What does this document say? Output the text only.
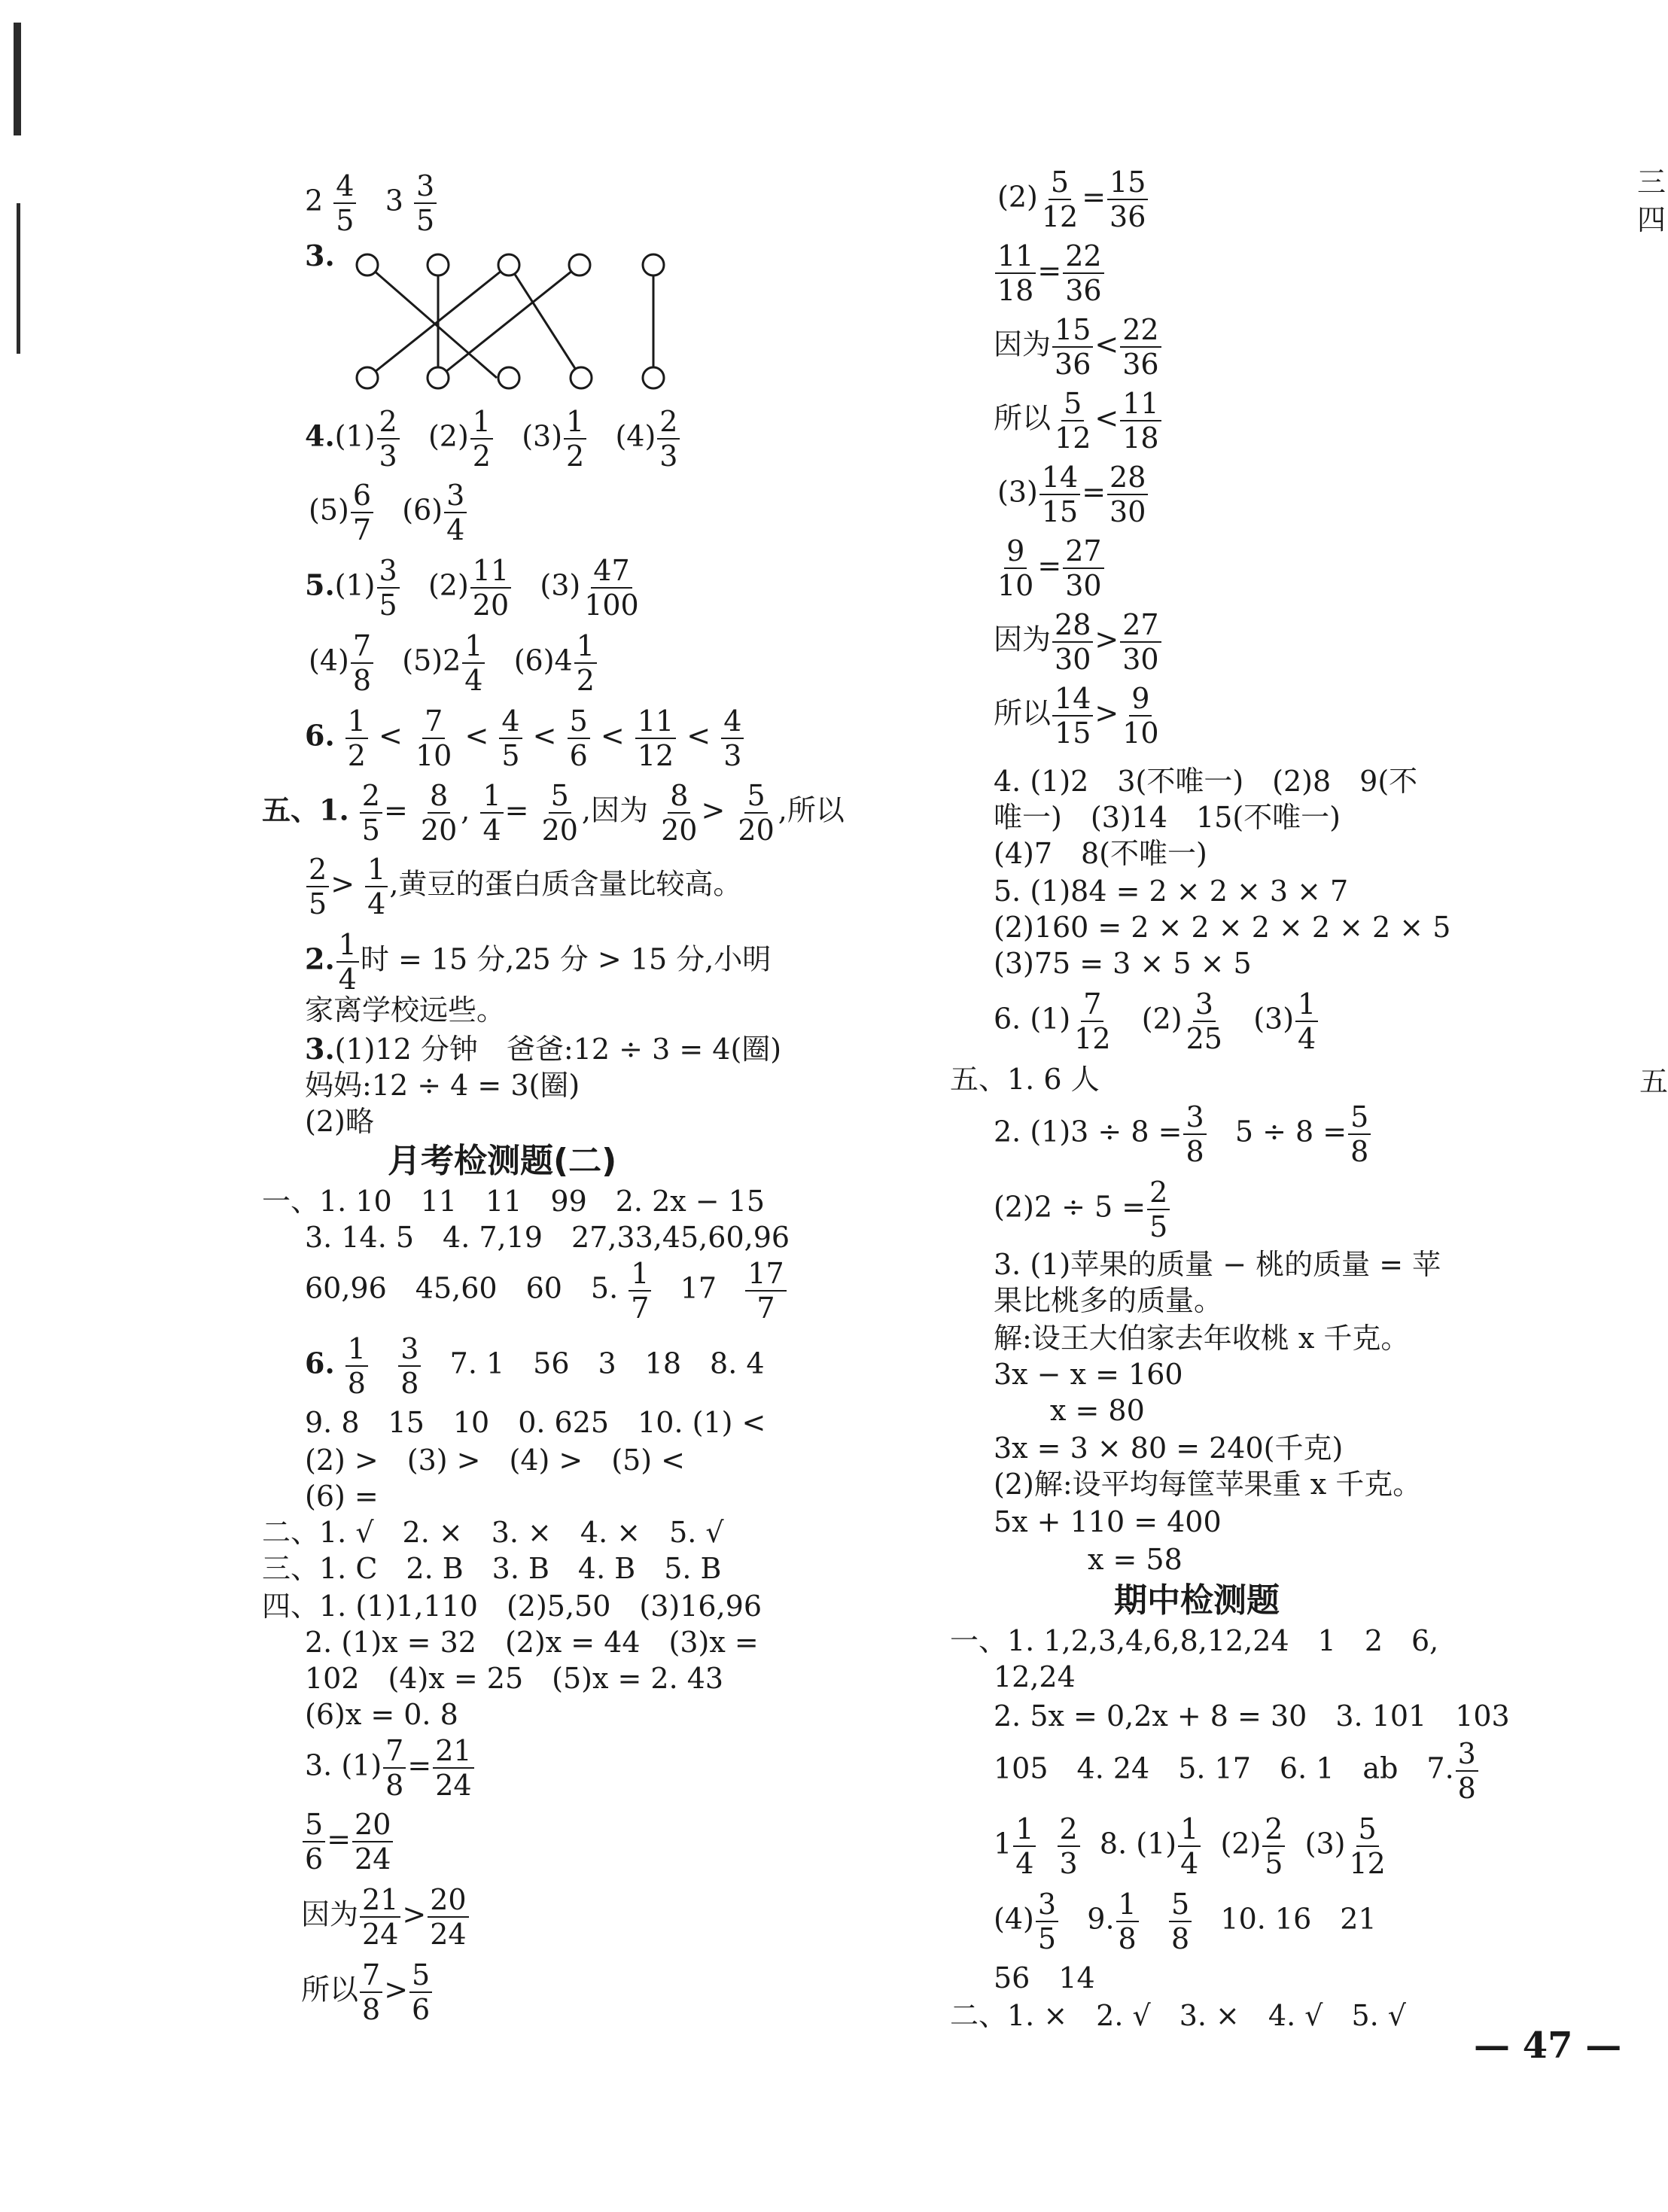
三
四
五
$2 \frac{4}{5} 3 \frac{3}{5}$
3.
$4.(1) \frac{2}{3} (2) \frac{1}{2} (3) \frac{1}{2} (4) \frac{2}{3}$
$(5) \frac{6}{7} (6) \frac{3}{4}$
$5.(1) \frac{3}{5} (2) \frac{11}{20} (3) \frac{47}{100}$
$(4) \frac{7}{8} (5)2 \frac{1}{4} (6)4 \frac{1}{2}$
6. $\frac{1}{2} < \frac{7}{10} < \frac{4}{5} < \frac{5}{6} < \frac{11}{12} < \frac{4}{3}$
五、1. $\frac{2}{5} = \frac{8}{20}$ , $\frac{1}{4} = \frac{5}{20}$ ,因为 $\frac{8}{20} > \frac{5}{20}$ ,所以
$\frac{2}{5} > \frac{1}{4}$ ,黄豆的蛋白质含量比较高。
2. $\frac{1}{4}$ 时 = 15 分,25 分 > 15 分,小明
家离学校远些。
3.(1)12 分钟　爸爸:12 ÷ 3 = 4(圈)
妈妈:12 ÷ 4 = 3(圈)
(2)略
月考检测题(二)
一、1. 10　11　11　99　2. 2x − 15
3. 14. 5　4. 7,19　27,33,45,60,96
60,96　45,60　60　5. $\frac{1}{7} 17 \frac{17}{7}$
6. $\frac{1}{8}$
$\frac{3}{8} 7$. 1　56　3　18　8. 4
9. 8　15　10　0. 625　10. (1) <
(2) >　(3) >　(4) >　(5) <
(6) =
二、1. √　2. ×　3. ×　4. ×　5. √
三、1. C　2. B　3. B　4. B　5. B
四、1. (1)1,110　(2)5,50　(3)16,96
2. (1)x = 32　(2)x = 44　(3)x =
102　(4)x = 25　(5)x = 2. 43
(6)x = 0. 8
3. $(1) \frac{7}{8} = \frac{21}{24}$
$\frac{5}{6} = \frac{20}{24}$
因为 $\frac{21}{24} > \frac{20}{24}$
所以 $\frac{7}{8} > \frac{5}{6}$
$(2) \frac{5}{12} = \frac{15}{36}$
$\frac{11}{18} = \frac{22}{36}$
因为 $\frac{15}{36} < \frac{22}{36}$
所以 $\frac{5}{12} < \frac{11}{18}$
$(3) \frac{14}{15} = \frac{28}{30}$
$\frac{9}{10} = \frac{27}{30}$
因为 $\frac{28}{30} > \frac{27}{30}$
所以 $\frac{14}{15} > \frac{9}{10}$
4. (1)2　3(不唯一)　(2)8　9(不
唯一)　(3)14　15(不唯一)
(4)7　8(不唯一)
5. (1)84 = 2 × 2 × 3 × 7
(2)160 = 2 × 2 × 2 × 2 × 2 × 5
(3)75 = 3 × 5 × 5
6. $(1) \frac{7}{12} (2) \frac{3}{25} (3) \frac{1}{4}$
五、1. 6 人
2. $(1)3 \div 8 = \frac{3}{8} 5 \div 8 = \frac{5}{8}$
$(2)2 \div 5 = \frac{2}{5}$
3. (1)苹果的质量 − 桃的质量 = 苹
果比桃多的质量。
解:设王大伯家去年收桃 x 千克。
3x − x = 160
x = 80
3x = 3 × 80 = 240(千克)
(2)解:设平均每筐苹果重 x 千克。
5x + 110 = 400
x = 58
期中检测题
一、1. 1,2,3,4,6,8,12,24　1　2　6,
12,24
2. 5x = 0,2x + 8 = 30　3. 101　103
105　4. 24　5. 17　6. 1　ab　7. $\frac{3}{8}$
$1 \frac{1}{4}$
$\frac{2}{3} 8$. $(1) \frac{1}{4} (2) \frac{2}{5} (3) \frac{5}{12}$
$(4) \frac{3}{5} 9$. $\frac{1}{8}$
$\frac{5}{8} 10$. 16　21
56　14
二、1. ×　2. √　3. ×　4. √　5. √
— 47 —
